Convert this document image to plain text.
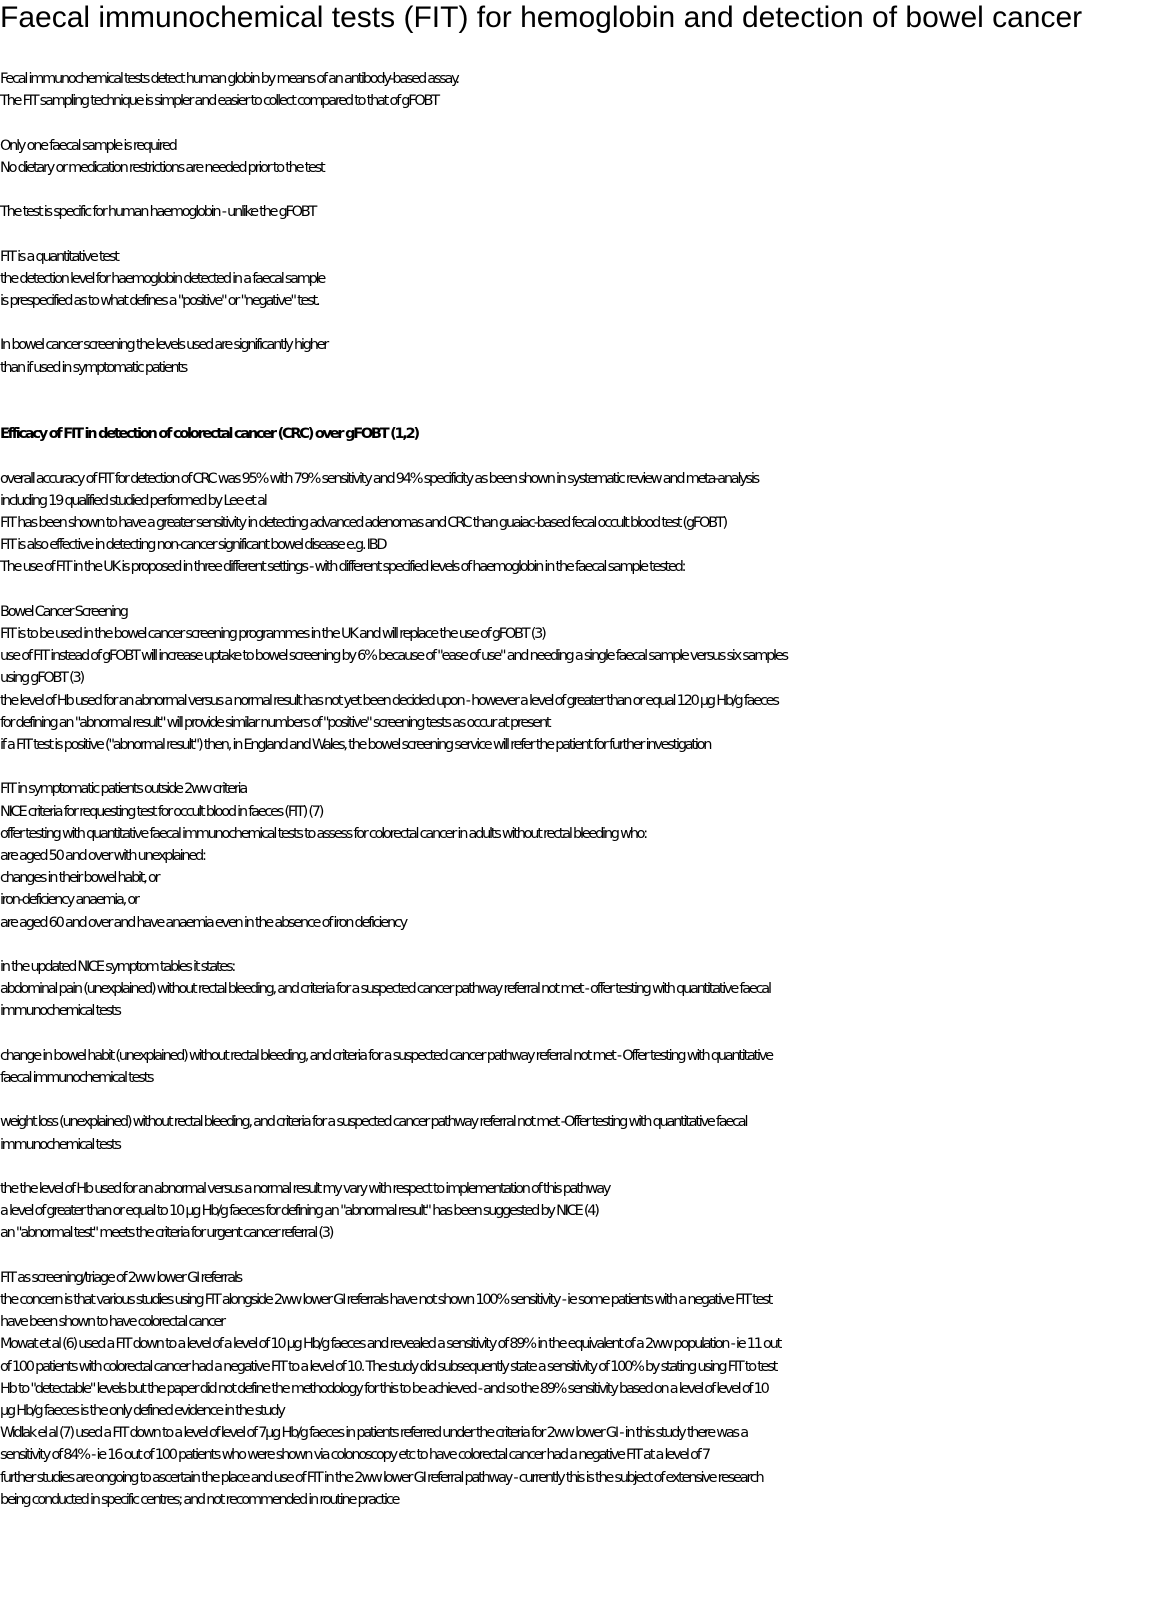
Faecal immunochemical tests (FIT) for hemoglobin and detection of bowel cancer
Fecal immunochemical tests detect human globin by means of an antibody-based assay.
The FIT sampling technique is simpler and easier to collect compared to that of gFOBT
Only one faecal sample is required
No dietary or medication restrictions are needed prior to the test
The test is specific for human haemoglobin - unlike the gFOBT
FIT is a quantitative test
the detection level for haemoglobin detected in a faecal sample
is prespecified as to what defines a "positive" or "negative" test.
In bowel cancer screening the levels used are significantly higher
than if used in symptomatic patients
Efficacy of FIT in detection of colorectal cancer (CRC) over gFOBT (1,2)
overall accuracy of FIT for detection of CRC was 95% with 79% sensitivity and 94% specificity as been shown in systematic review and meta-analysis
including 19 qualified studied performed by Lee et al
FIT has been shown to have a greater sensitivity in detecting advanced adenomas and CRC than guaiac-based fecal occult blood test (gFOBT)
FIT is also effective in detecting non-cancer significant bowel disease e.g. IBD
The use of FIT in the UK is proposed in three different settings - with different specified levels of haemoglobin in the faecal sample tested:
Bowel Cancer Screening
FIT is to be used in the bowel cancer screening programmes in the UK and will replace the use of gFOBT (3)
use of FIT instead of gFOBT will increase uptake to bowel screening by 6% because of "ease of use" and needing a single faecal sample versus six samples
using gFOBT (3)
the level of Hb used for an abnormal versus a normal result has not yet been decided upon - however a level of greater than or equal 120 µg Hb/g faeces
for defining an "abnormal result" will provide similar numbers of "positive" screening tests as occur at present
if a FIT test is positive ("abnormal result") then, in England and Wales, the bowel screening service will refer the patient for further investigation
FIT in symptomatic patients outside 2ww criteria
NICE criteria for requesting test for occult blood in faeces (FIT) (7)
offer testing with quantitative faecal immunochemical tests to assess for colorectal cancer in adults without rectal bleeding who:
are aged 50 and over with unexplained:
changes in their bowel habit, or
iron-deficiency anaemia, or
are aged 60 and over and have anaemia even in the absence of iron deficiency
in the updated NICE symptom tables it states:
abdominal pain (unexplained) without rectal bleeding, and criteria for a suspected cancer pathway referral not met - offer testing with quantitative faecal
immunochemical tests
change in bowel habit (unexplained) without rectal bleeding, and criteria for a suspected cancer pathway referral not met - Offer testing with quantitative
faecal immunochemical tests
weight loss (unexplained) without rectal bleeding, and criteria for a suspected cancer pathway referral not met -Offer testing with quantitative faecal
immunochemical tests
the the level of Hb used for an abnormal versus a normal result my vary with respect to implementation of this pathway
a level of greater than or equal to 10 µg Hb/g faeces for defining an "abnormal result" has been suggested by NICE (4)
an "abnormal test" meets the criteria for urgent cancer referral (3)
FIT as screening/triage of 2ww lower GI referrals
the concern is that various studies using FIT alongside 2ww lower GI referrals have not shown 100% sensitivity - ie some patients with a negative FIT test
have been shown to have colorectal cancer
Mowat et al (6) used a FIT down to a level of a level of 10 µg Hb/g faeces and revealed a sensitivity of 89% in the equivalent of a 2ww population - ie 11 out
of 100 patients with colorectal cancer had a negative FIT to a level of 10. The study did subsequently state a sensitivity of 100% by stating using FIT to test
Hb to "detectable" levels but the paper did not define the methodology for this to be achieved - and so the 89% sensitivity based on a level of level of 10
µg Hb/g faeces is the only defined evidence in the study
Widlak el al (7) used a FIT down to a level of level of 7µg Hb/g faeces in patients referred under the criteria for 2ww lower GI - in this study there was a
sensitivity of 84% - ie 16 out of 100 patients who were shown via colonoscopy etc to have colorectal cancer had a negative FIT at a level of 7
further studies are ongoing to ascertain the place and use of FIT in the 2ww lower GI referral pathway - currently this is the subject of extensive research
being conducted in specific centres; and not recommended in routine practice
